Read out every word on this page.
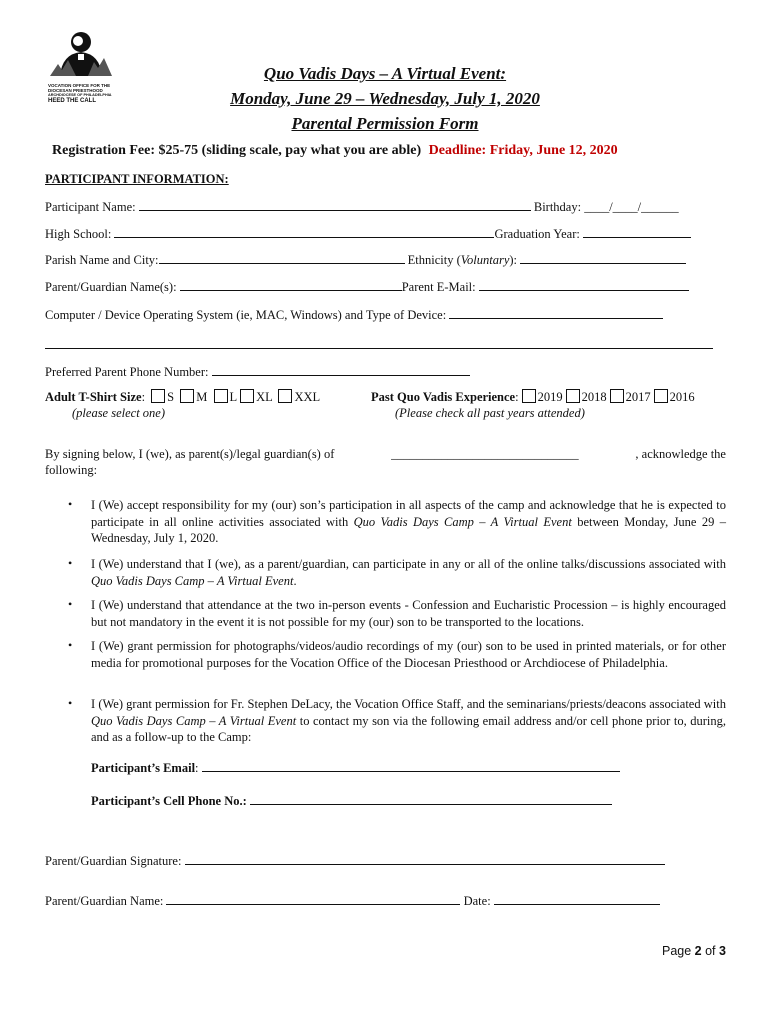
VOCATION OFFICE FOR THE
DIOCESAN PRIESTHOOD
ARCHDIOCESE OF PHILADELPHIA
HEED THE CALL
Quo Vadis Days – A Virtual Event:
Monday, June 29 – Wednesday, July 1, 2020
Parental Permission Form
Registration Fee: $25-75 (sliding scale, pay what you are able) Deadline: Friday, June 12, 2020
PARTICIPANT INFORMATION:
Participant Name:	Birthday: ____/____/______
High School:	Graduation Year:
Parish Name and City:	Ethnicity (Voluntary):
Parent/Guardian Name(s):	Parent E-Mail:
Computer / Device Operating System (ie, MAC, Windows) and Type of Device:
Preferred Parent Phone Number:
Adult T-Shirt Size: S M L XL XXL
(please select one)
Past Quo Vadis Experience: 2019 2018 2017 2016
(Please check all past years attended)
By signing below, I (we), as parent(s)/legal guardian(s) of	______________________________	, acknowledge the
following:
• I (We) accept responsibility for my (our) son’s participation in all aspects of the camp and acknowledge that he is expected to participate in all online activities associated with Quo Vadis Days Camp – A Virtual Event between Monday, June 29 – Wednesday, July 1, 2020.
• I (We) understand that I (we), as a parent/guardian, can participate in any or all of the online talks/discussions associated with Quo Vadis Days Camp – A Virtual Event.
• I (We) understand that attendance at the two in-person events - Confession and Eucharistic Procession – is highly encouraged but not mandatory in the event it is not possible for my (our) son to be transported to the locations.
• I (We) grant permission for photographs/videos/audio recordings of my (our) son to be used in printed materials, or for other media for promotional purposes for the Vocation Office of the Diocesan Priesthood or Archdiocese of Philadelphia.
• I (We) grant permission for Fr. Stephen DeLacy, the Vocation Office Staff, and the seminarians/priests/deacons associated with Quo Vadis Days Camp – A Virtual Event to contact my son via the following email address and/or cell phone prior to, during, and as a follow-up to the Camp:
Participant’s Email:
Participant’s Cell Phone No.:
Parent/Guardian Signature:
Parent/Guardian Name:	Date:
Page 2 of 3
